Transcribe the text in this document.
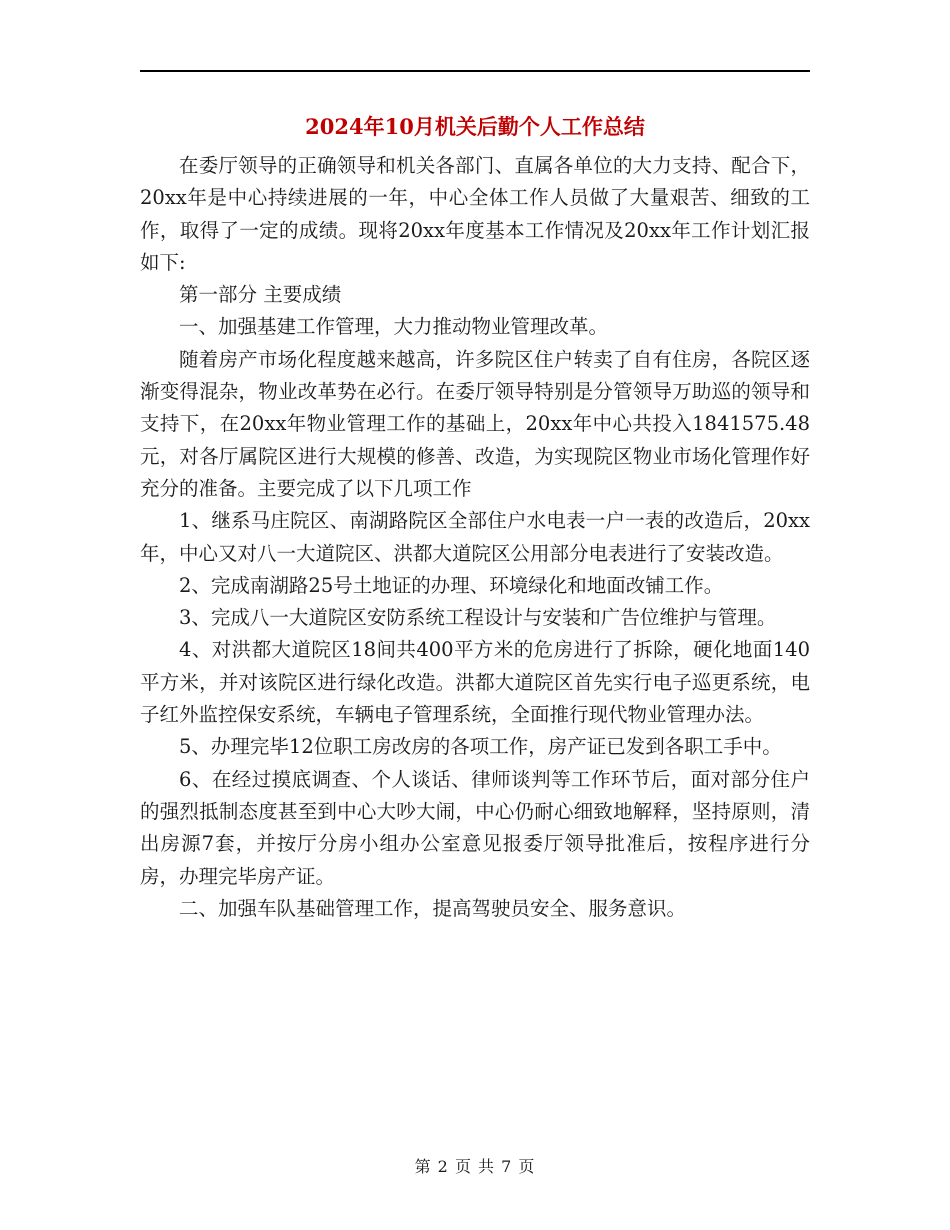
2024年10月机关后勤个人工作总结

在委厅领导的正确领导和机关各部门、直属各单位的大力支持、配合下，20xx年是中心持续进展的一年，中心全体工作人员做了大量艰苦、细致的工作，取得了一定的成绩。现将20xx年度基本工作情况及20xx年工作计划汇报如下:

第一部分 主要成绩

一、加强基建工作管理，大力推动物业管理改革。

随着房产市场化程度越来越高，许多院区住户转卖了自有住房，各院区逐渐变得混杂，物业改革势在必行。在委厅领导特别是分管领导万助巡的领导和支持下，在20xx年物业管理工作的基础上，20xx年中心共投入1841575.48元，对各厅属院区进行大规模的修善、改造，为实现院区物业市场化管理作好充分的准备。主要完成了以下几项工作

1、继系马庄院区、南湖路院区全部住户水电表一户一表的改造后，20xx年，中心又对八一大道院区、洪都大道院区公用部分电表进行了安装改造。

2、完成南湖路25号土地证的办理、环境绿化和地面改铺工作。

3、完成八一大道院区安防系统工程设计与安装和广告位维护与管理。

4、对洪都大道院区18间共400平方米的危房进行了拆除，硬化地面140平方米，并对该院区进行绿化改造。洪都大道院区首先实行电子巡更系统，电子红外监控保安系统，车辆电子管理系统，全面推行现代物业管理办法。

5、办理完毕12位职工房改房的各项工作，房产证已发到各职工手中。

6、在经过摸底调查、个人谈话、律师谈判等工作环节后，面对部分住户的强烈抵制态度甚至到中心大吵大闹，中心仍耐心细致地解释，坚持原则，清出房源7套，并按厅分房小组办公室意见报委厅领导批准后，按程序进行分房，办理完毕房产证。

二、加强车队基础管理工作，提高驾驶员安全、服务意识。

第 2 页 共 7 页
